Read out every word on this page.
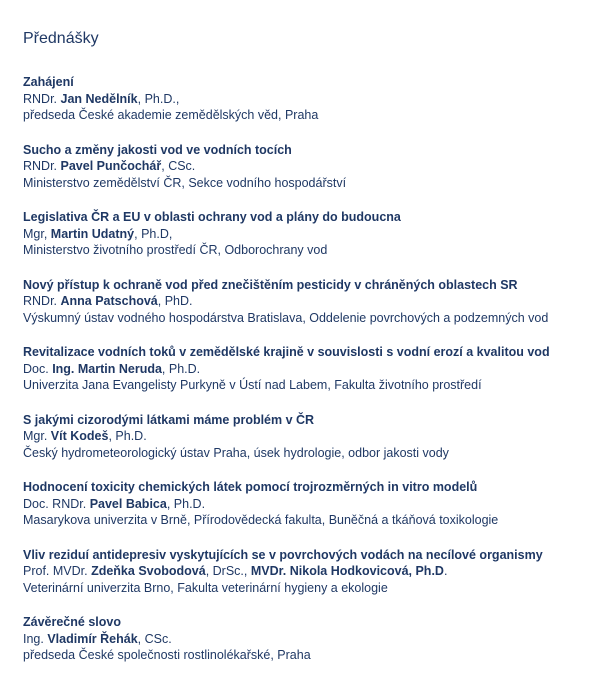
Přednášky
Zahájení
RNDr. Jan Nedělník, Ph.D.,
předseda České akademie zemědělských věd, Praha
Sucho a změny jakosti vod ve vodních tocích
RNDr. Pavel Punčochář, CSc.
Ministerstvo zemědělství ČR, Sekce vodního hospodářství
Legislativa ČR a EU v oblasti ochrany vod a plány do budoucna
Mgr, Martin Udatný, Ph.D,
Ministerstvo životního prostředí ČR, Odborochrany vod
Nový přístup k ochraně vod před znečištěním pesticidy v chráněných oblastech SR
RNDr. Anna Patschová, PhD.
Výskumný ústav vodného hospodárstva Bratislava, Oddelenie povrchových a podzemných vod
Revitalizace vodních toků v zemědělské krajině v souvislosti s vodní erozí a kvalitou vod
Doc. Ing. Martin Neruda, Ph.D.
Univerzita Jana Evangelisty Purkyně v Ústí nad Labem, Fakulta životního prostředí
S jakými cizorodými látkami máme problém v ČR
Mgr. Vít Kodeš, Ph.D.
Český hydrometeorologický ústav Praha, úsek hydrologie, odbor jakosti vody
Hodnocení toxicity chemických látek pomocí trojrozměrných in vitro modelů
Doc. RNDr. Pavel Babica, Ph.D.
Masarykova univerzita v Brně, Přírodovědecká fakulta, Buněčná a tkáňová toxikologie
Vliv reziduí antidepresiv vyskytujících se v povrchových vodách na necílové organismy
Prof. MVDr. Zdeňka Svobodová, DrSc., MVDr. Nikola Hodkovicová, Ph.D.
Veterinární univerzita Brno, Fakulta veterinární hygieny a ekologie
Závěrečné slovo
Ing. Vladimír Řehák, CSc.
předseda České společnosti rostlinolékařské, Praha
